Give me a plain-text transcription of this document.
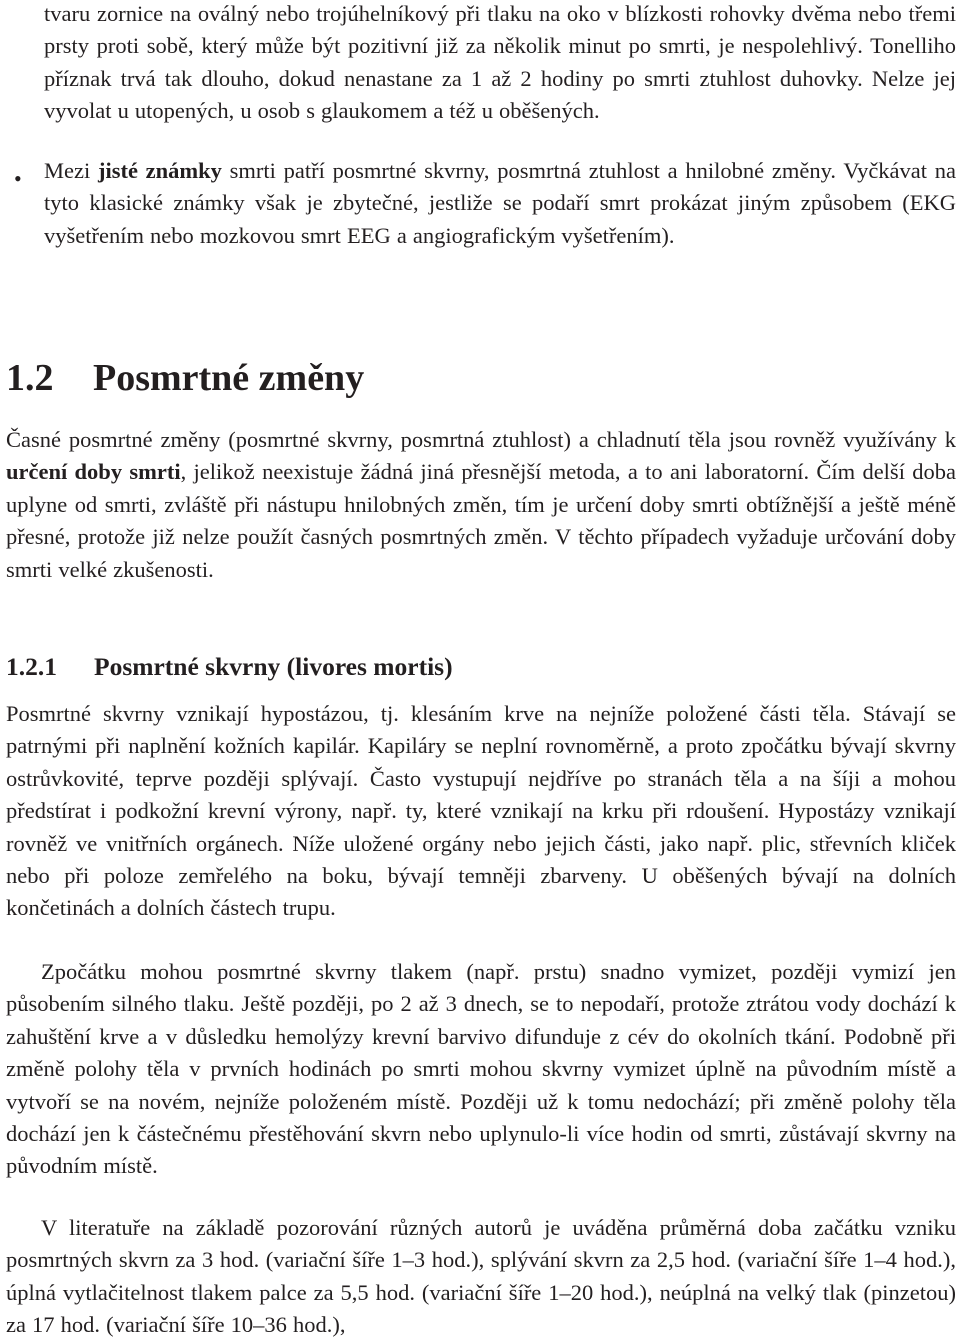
tvaru zornice na oválný nebo trojúhelníkový při tlaku na oko v blízkosti rohovky dvěma nebo třemi prsty proti sobě, který může být pozitivní již za několik minut po smrti, je nespolehlivý. Tonelliho příznak trvá tak dlouho, dokud nenastane za 1 až 2 hodiny po smrti ztuhlost duhovky. Nelze jej vyvolat u utopených, u osob s glaukomem a též u oběšených.

• Mezi jisté známky smrti patří posmrtné skvrny, posmrtná ztuhlost a hnilobné změny. Vyčkávat na tyto klasické známky však je zbytečné, jestliže se podaří smrt prokázat jiným způsobem (EKG vyšetřením nebo mozkovou smrt EEG a angiografickým vyšetřením).

1.2 Posmrtné změny

Časné posmrtné změny (posmrtné skvrny, posmrtná ztuhlost) a chladnutí těla jsou rovněž využívány k určení doby smrti, jelikož neexistuje žádná jiná přesnější metoda, a to ani laboratorní. Čím delší doba uplyne od smrti, zvláště při nástupu hnilobných změn, tím je určení doby smrti obtížnější a ještě méně přesné, protože již nelze použít časných posmrtných změn. V těchto případech vyžaduje určování doby smrti velké zkušenosti.

1.2.1 Posmrtné skvrny (livores mortis)

Posmrtné skvrny vznikají hypostázou, tj. klesáním krve na nejníže položené části těla. Stávají se patrnými při naplnění kožních kapilár. Kapiláry se neplní rovnoměrně, a proto zpočátku bývají skvrny ostrůvkovité, teprve později splývají. Často vystupují nejdříve po stranách těla a na šíji a mohou předstírat i podkožní krevní výrony, např. ty, které vznikají na krku při rdoušení. Hypostázy vznikají rovněž ve vnitřních orgánech. Níže uložené orgány nebo jejich části, jako např. plic, střevních kliček nebo při poloze zemřelého na boku, bývají temněji zbarveny. U oběšených bývají na dolních končetinách a dolních částech trupu.

Zpočátku mohou posmrtné skvrny tlakem (např. prstu) snadno vymizet, později vymizí jen působením silného tlaku. Ještě později, po 2 až 3 dnech, se to nepodaří, protože ztrátou vody dochází k zahuštění krve a v důsledku hemolýzy krevní barvivo difunduje z cév do okolních tkání. Podobně při změně polohy těla v prvních hodinách po smrti mohou skvrny vymizet úplně na původním místě a vytvoří se na novém, nejníže položeném místě. Později už k tomu nedochází; při změně polohy těla dochází jen k částečnému přestěhování skvrn nebo uplynulo-li více hodin od smrti, zůstávají skvrny na původním místě.

V literatuře na základě pozorování různých autorů je uváděna průměrná doba začátku vzniku posmrtných skvrn za 3 hod. (variační šíře 1–3 hod.), splývání skvrn za 2,5 hod. (variační šíře 1–4 hod.), úplná vytlačitelnost tlakem palce za 5,5 hod. (variační šíře 1–20 hod.), neúplná na velký tlak (pinzetou) za 17 hod. (variační šíře 10–36 hod.),
